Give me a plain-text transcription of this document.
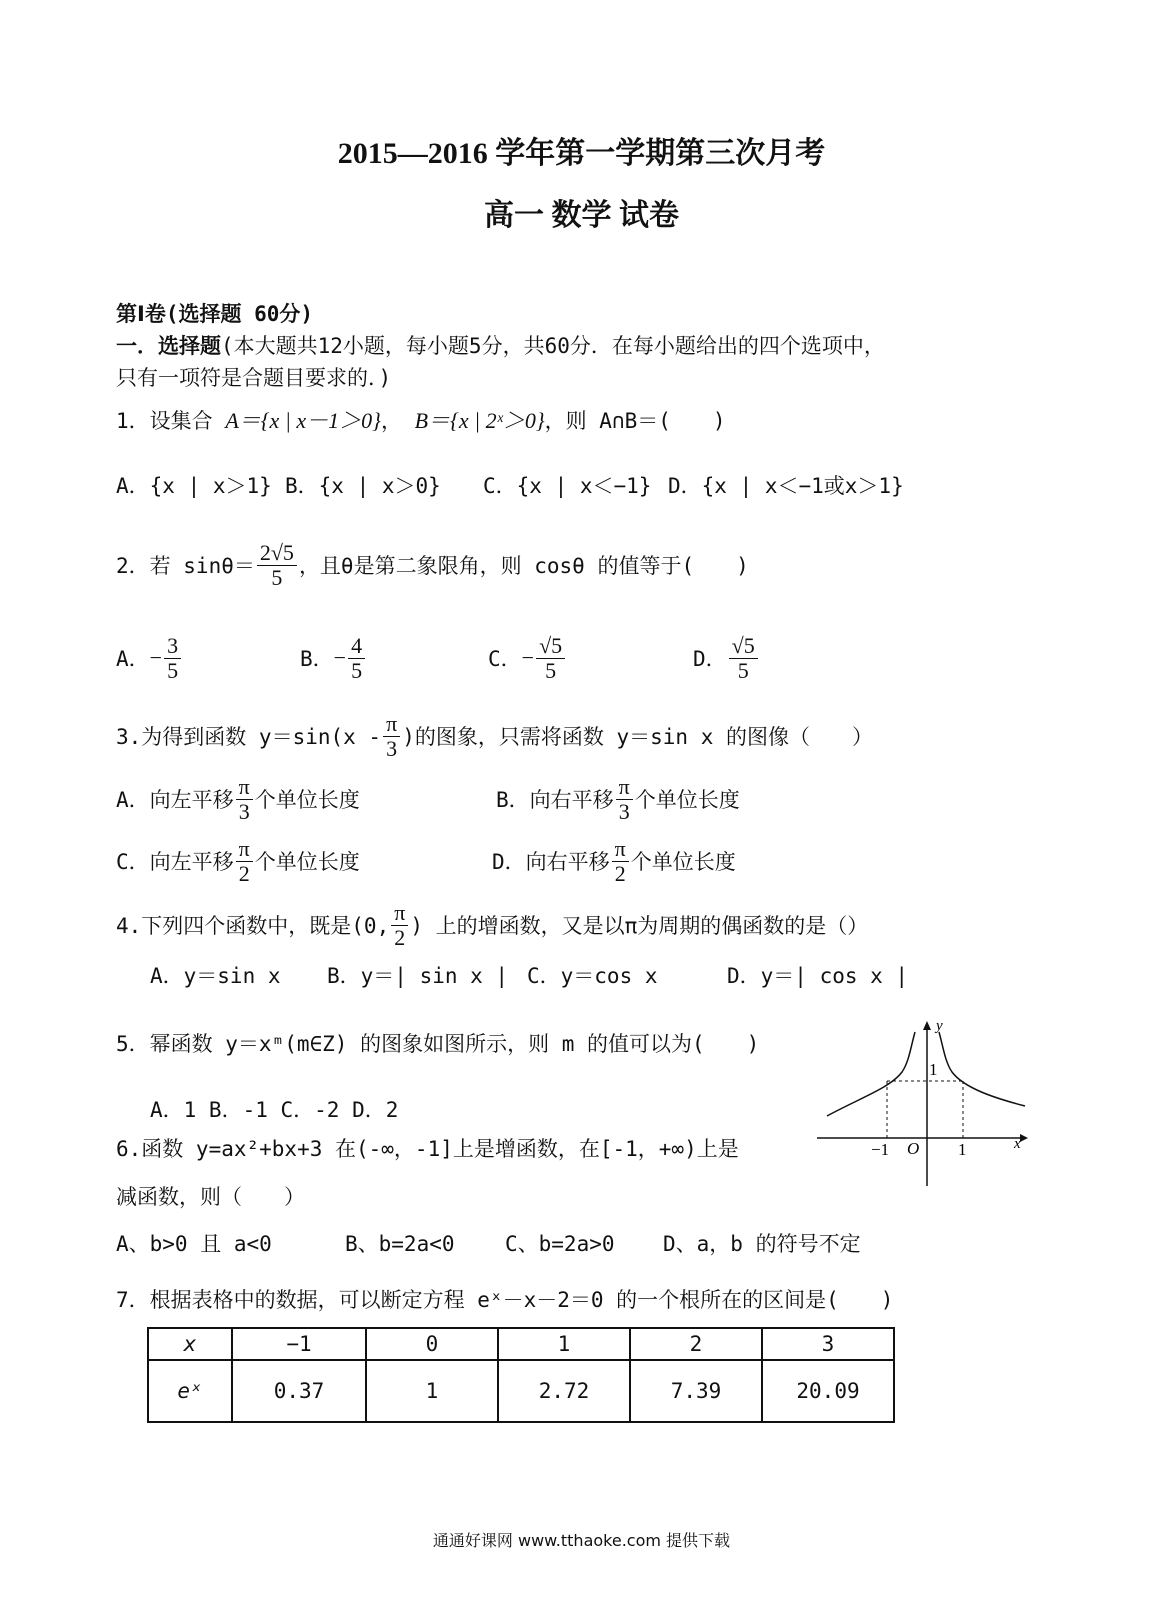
2015—2016 学年第一学期第三次月考
高一 数学 试卷
第Ⅰ卷(选择题 60分)
一．选择题(本大题共12小题，每小题5分，共60分．在每小题给出的四个选项中，
只有一项符是合题目要求的．)
1．设集合 A＝{x | x－1＞0}， B＝{x | 2ˣ＞0}，则 A∩B＝(　　)
A．{x | x＞1} B．{x | x＞0} C．{x | x＜−1} D．{x | x＜−1或x＞1}
2．若 $\sin\theta= \frac{2√5}{5}$ ，且θ是第二象限角，则 cosθ 的值等于(　　)
A． − $\frac{3}{5}$	B． − $\frac{4}{5}$	C． − $\frac{√5}{5}$	D． $\frac{√5}{5}$
3.为得到函数 $y=\sin(x - \frac{\pi}{3}$ )的图象，只需将函数 y＝sin x 的图像（　　）
A．向左平移 $\frac{\pi}{3}$ 个单位长度	B．向右平移 $\frac{\pi}{3}$ 个单位长度
C．向左平移 $\frac{\pi}{2}$ 个单位长度	D．向右平移 $\frac{\pi}{2}$ 个单位长度
4.下列四个函数中，既是(0, $\frac{\pi}{2}$ ) 上的增函数，又是以π为周期的偶函数的是（）
A．y＝sin x B．y＝| sin x | C．y＝cos x	D．y＝| cos x |
5．幂函数 y＝xᵐ(m∈Z) 的图象如图所示，则 m 的值可以为(　　)
A．1 B．-1 C．-2 D．2
y
x
O
−1	1
1
6.函数 y=ax²+bx+3 在(-∞，-1]上是增函数，在[-1，+∞)上是
减函数，则（　　）
A、b>0 且 a<0	B、b=2a<0 C、b=2a>0 D、a，b 的符号不定
7．根据表格中的数据，可以断定方程 eˣ－x－2＝0 的一个根所在的区间是(　　)
x	−1	0	1	2	3
eˣ	0.37	1	2.72	7.39	20.09
通通好课网 www.tthaoke.com 提供下载
